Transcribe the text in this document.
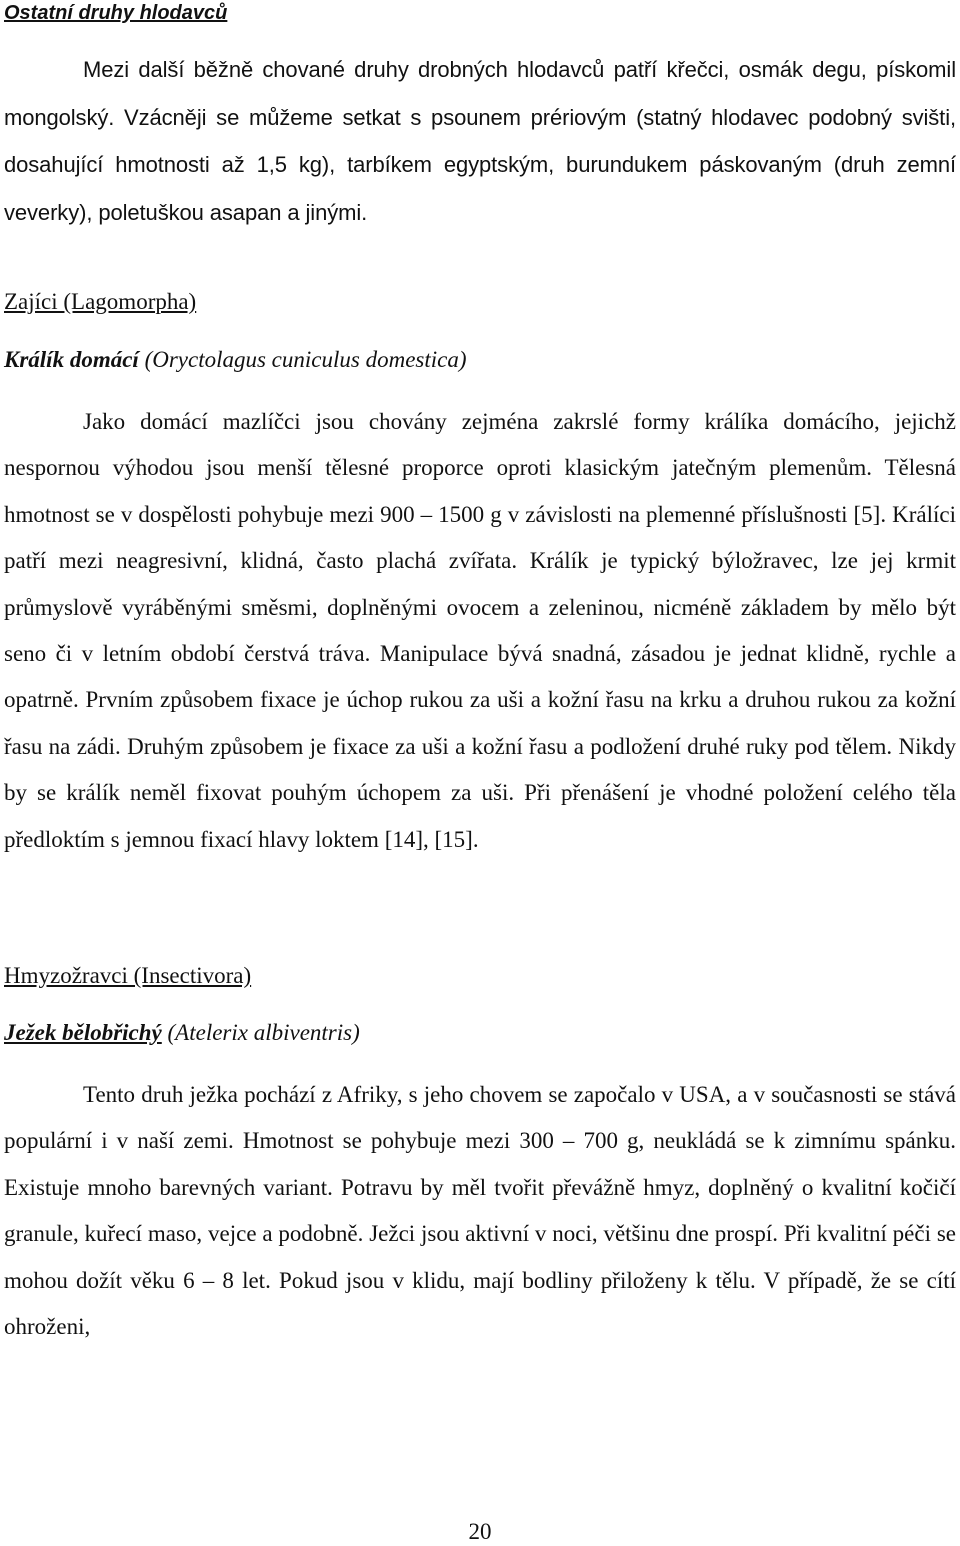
Ostatní druhy hlodavců

Mezi další běžně chované druhy drobných hlodavců patří křečci, osmák degu, pískomil mongolský. Vzácněji se můžeme setkat s psounem prériovým (statný hlodavec podobný svišti, dosahující hmotnosti až 1,5 kg), tarbíkem egyptským, burundukem páskovaným (druh zemní veverky), poletuškou asapan a jinými.

Zajíci (Lagomorpha)
Králík domácí (Oryctolagus cuniculus domestica)

Jako domácí mazlíčci jsou chovány zejména zakrslé formy králíka domácího, jejichž nespornou výhodou jsou menší tělesné proporce oproti klasickým jatečným plemenům. Tělesná hmotnost se v dospělosti pohybuje mezi 900 – 1500 g v závislosti na plemenné příslušnosti [5]. Králíci patří mezi neagresivní, klidná, často plachá zvířata. Králík je typický býložravec, lze jej krmit průmyslově vyráběnými směsmi, doplněnými ovocem a zeleninou, nicméně základem by mělo být seno či v letním období čerstvá tráva. Manipulace bývá snadná, zásadou je jednat klidně, rychle a opatrně. Prvním způsobem fixace je úchop rukou za uši a kožní řasu na krku a druhou rukou za kožní řasu na zádi. Druhým způsobem je fixace za uši a kožní řasu a podložení druhé ruky pod tělem. Nikdy by se králík neměl fixovat pouhým úchopem za uši. Při přenášení je vhodné položení celého těla předloktím s jemnou fixací hlavy loktem [14], [15].

Hmyzožravci (Insectivora)
Ježek bělobřichý (Atelerix albiventris)

Tento druh ježka pochází z Afriky, s jeho chovem se započalo v USA, a v současnosti se stává populární i v naší zemi. Hmotnost se pohybuje mezi 300 – 700 g, neukládá se k zimnímu spánku. Existuje mnoho barevných variant. Potravu by měl tvořit převážně hmyz, doplněný o kvalitní kočičí granule, kuřecí maso, vejce a podobně. Ježci jsou aktivní v noci, většinu dne prospí. Při kvalitní péči se mohou dožít věku 6 – 8 let. Pokud jsou v klidu, mají bodliny přiloženy k tělu. V případě, že se cítí ohroženi,

20
